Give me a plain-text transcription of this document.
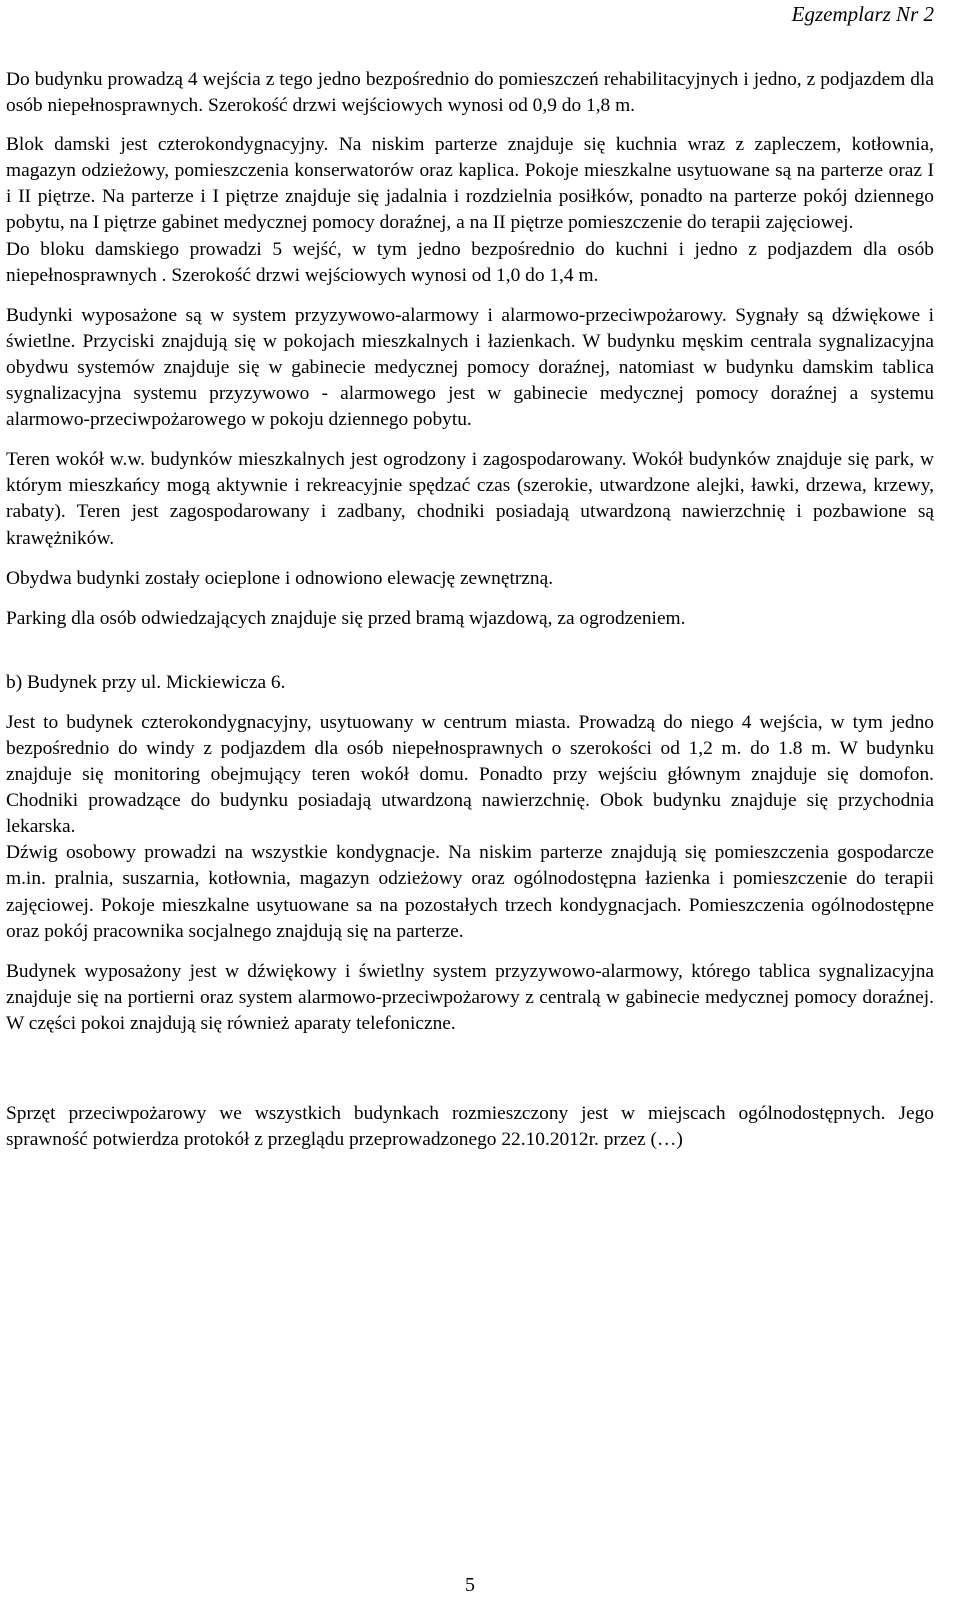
Egzemplarz Nr 2

Do budynku prowadzą 4 wejścia z tego jedno bezpośrednio do pomieszczeń rehabilitacyjnych i jedno, z podjazdem dla osób niepełnosprawnych. Szerokość drzwi wejściowych wynosi od 0,9 do 1,8 m.

Blok damski jest czterokondygnacyjny. Na niskim parterze znajduje się kuchnia wraz z zapleczem, kotłownia, magazyn odzieżowy, pomieszczenia konserwatorów oraz kaplica. Pokoje mieszkalne usytuowane są na parterze oraz I i II piętrze. Na parterze i I piętrze znajduje się jadalnia i rozdzielnia posiłków, ponadto na parterze pokój dziennego pobytu, na I piętrze gabinet medycznej pomocy doraźnej, a na II piętrze pomieszczenie do terapii zajęciowej.

Do bloku damskiego prowadzi 5 wejść, w tym jedno bezpośrednio do kuchni i jedno z podjazdem dla osób niepełnosprawnych . Szerokość drzwi wejściowych wynosi od 1,0 do 1,4 m.

Budynki wyposażone są w system przyzywowo-alarmowy i alarmowo-przeciwpożarowy. Sygnały są dźwiękowe i świetlne. Przyciski znajdują się w pokojach mieszkalnych i łazienkach. W budynku męskim centrala sygnalizacyjna obydwu systemów znajduje się w gabinecie medycznej pomocy doraźnej, natomiast w budynku damskim tablica sygnalizacyjna systemu przyzywowo - alarmowego jest w gabinecie medycznej pomocy doraźnej a systemu alarmowo-przeciwpożarowego w pokoju dziennego pobytu.

Teren wokół w.w. budynków mieszkalnych jest ogrodzony i zagospodarowany. Wokół budynków znajduje się park, w którym mieszkańcy mogą aktywnie i rekreacyjnie spędzać czas (szerokie, utwardzone alejki, ławki, drzewa, krzewy, rabaty). Teren jest zagospodarowany i zadbany, chodniki posiadają utwardzoną nawierzchnię i pozbawione są krawężników.

Obydwa budynki zostały ocieplone i odnowiono elewację zewnętrzną.

Parking dla osób odwiedzających znajduje się przed bramą wjazdową, za ogrodzeniem.

b) Budynek przy ul. Mickiewicza 6.

Jest to budynek czterokondygnacyjny, usytuowany w centrum miasta. Prowadzą do niego 4 wejścia, w tym jedno bezpośrednio do windy z podjazdem dla osób niepełnosprawnych o szerokości od 1,2 m. do 1.8 m. W budynku znajduje się monitoring obejmujący teren wokół domu. Ponadto przy wejściu głównym znajduje się domofon. Chodniki prowadzące do budynku posiadają utwardzoną nawierzchnię. Obok budynku znajduje się przychodnia lekarska.

Dźwig osobowy prowadzi na wszystkie kondygnacje. Na niskim parterze znajdują się pomieszczenia gospodarcze m.in. pralnia, suszarnia, kotłownia, magazyn odzieżowy oraz ogólnodostępna łazienka i pomieszczenie do terapii zajęciowej. Pokoje mieszkalne usytuowane sa na pozostałych trzech kondygnacjach. Pomieszczenia ogólnodostępne oraz pokój pracownika socjalnego znajdują się na parterze.

Budynek wyposażony jest w dźwiękowy i świetlny system przyzywowo-alarmowy, którego tablica sygnalizacyjna znajduje się na portierni oraz system alarmowo-przeciwpożarowy z centralą w gabinecie medycznej pomocy doraźnej. W części pokoi znajdują się również aparaty telefoniczne.

Sprzęt przeciwpożarowy we wszystkich budynkach rozmieszczony jest w miejscach ogólnodostępnych. Jego sprawność potwierdza protokół z przeglądu przeprowadzonego 22.10.2012r. przez (…)

5
